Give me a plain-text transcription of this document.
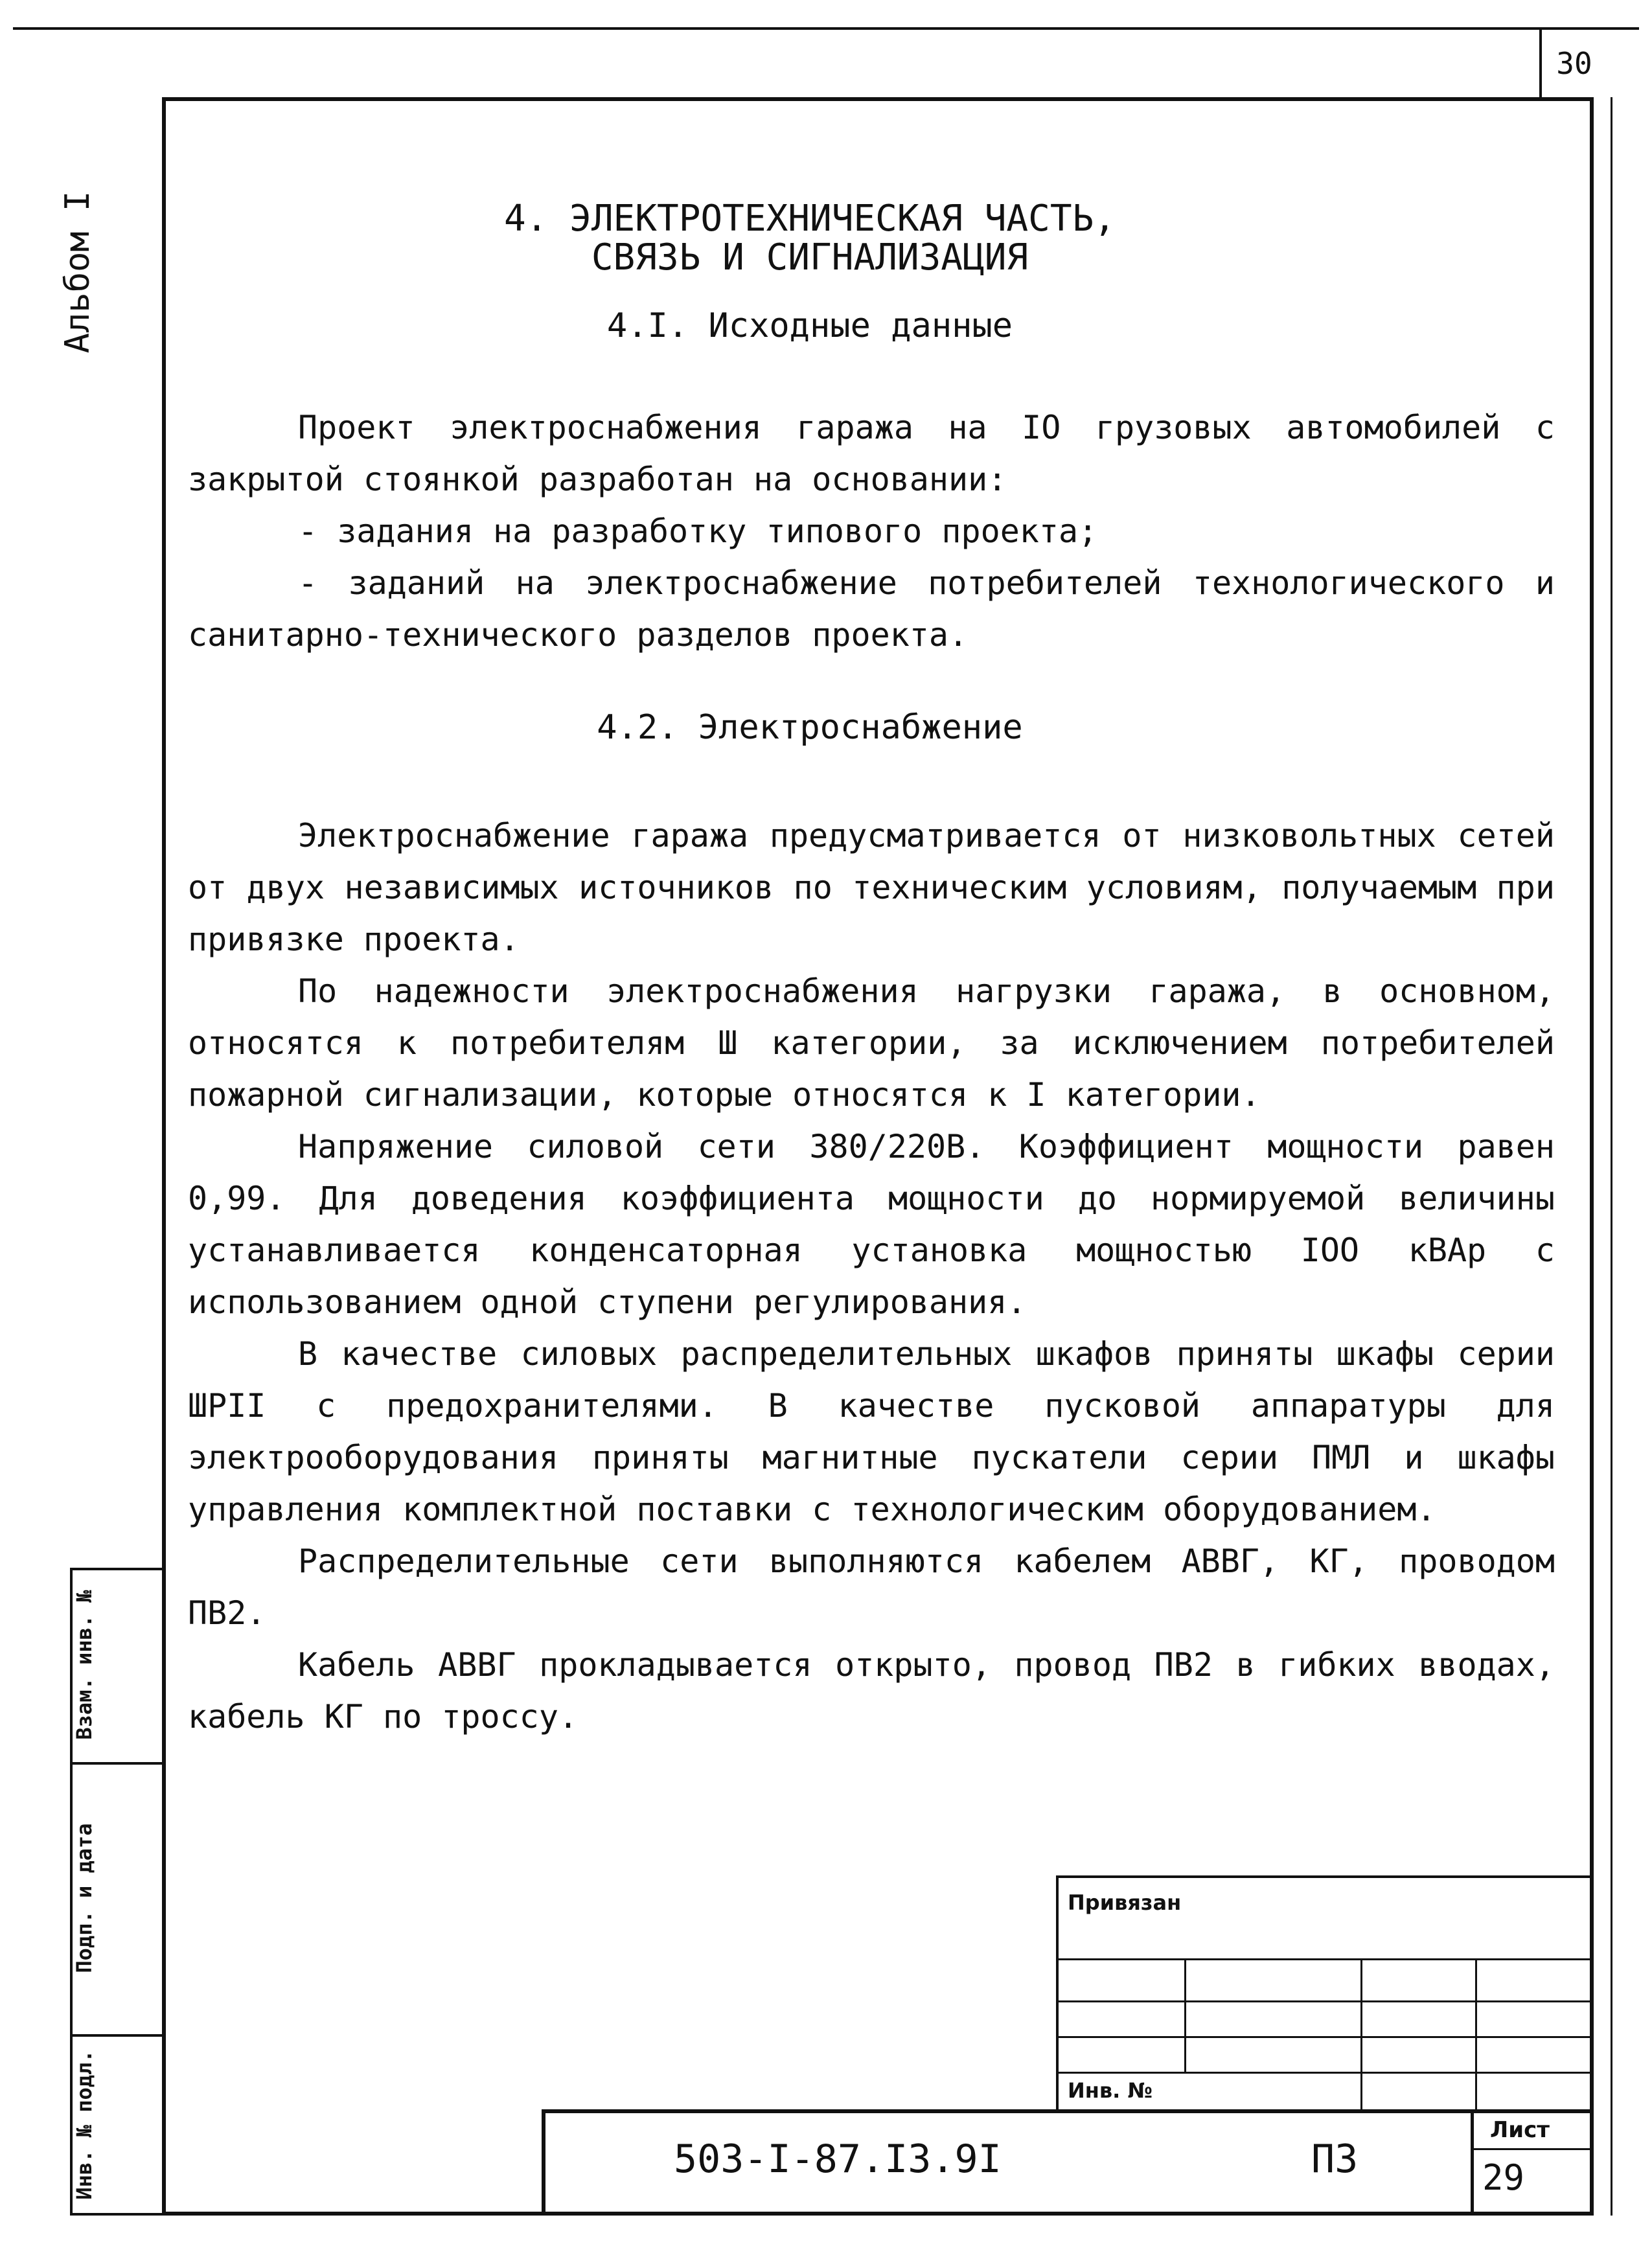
30
Альбом I	4. ЭЛЕКТРОТЕХНИЧЕСКАЯ ЧАСТЬ,
СВЯЗЬ И СИГНАЛИЗАЦИЯ
4.I. Исходные данные

Проект электроснабжения гаража на IO грузовых автомобилей с закрытой стоянкой разработан на основании:

- задания на разработку типового проекта;

- заданий на электроснабжение потребителей технологического и санитарно-технического разделов проекта.

4.2. Электроснабжение

Электроснабжение гаража предусматривается от низковольтных сетей от двух независимых источников по техническим условиям, получаемым при привязке проекта.

По надежности электроснабжения нагрузки гаража, в основном, относятся к потребителям Ш категории, за исключением потребителей пожарной сигнализации, которые относятся к I категории.

Напряжение силовой сети 380/220В. Коэффициент мощности равен 0,99. Для доведения коэффициента мощности до нормируемой величины устанавливается конденсаторная установка мощностью IOO кВАр с использованием одной ступени регулирования.

В качестве силовых распределительных шкафов приняты шкафы серии ШРII с предохранителями. В качестве пусковой аппаратуры для электрооборудования приняты магнитные пускатели серии ПМЛ и шкафы управления комплектной поставки с технологическим оборудованием.

Распределительные сети выполняются кабелем АВВГ, КГ, проводом ПВ2.

Кабель АВВГ прокладывается открыто, провод ПВ2 в гибких вводах, кабель КГ по троссу.

Взам. инв. №
Подп. и дата
Инв. № подл.
Привязан
Инв. №
503-I-87.I3.9I	ПЗ
Лист
29
